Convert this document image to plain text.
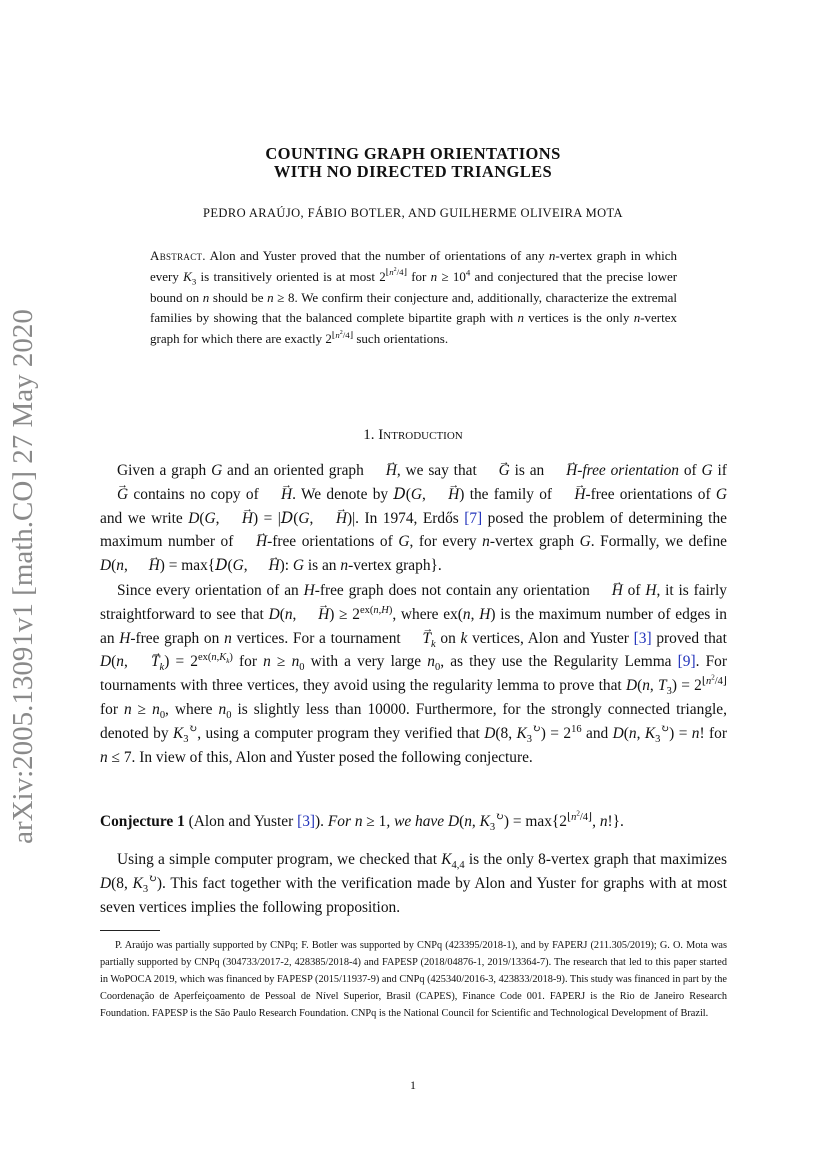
arXiv:2005.13091v1 [math.CO] 27 May 2020
COUNTING GRAPH ORIENTATIONS
WITH NO DIRECTED TRIANGLES
PEDRO ARAÚJO, FÁBIO BOTLER, AND GUILHERME OLIVEIRA MOTA

Abstract. Alon and Yuster proved that the number of orientations of any n-vertex graph in which every $K_3$ is transitively oriented is at most $2^{⌊n^2/4⌋}$ for $n \ge 10^4$ and conjectured that the precise lower bound on n should be n ≥ 8. We confirm their conjecture and, additionally, characterize the extremal families by showing that the balanced complete bipartite graph with n vertices is the only n-vertex graph for which there are exactly $2^{⌊n^2/4⌋}$ such orientations.

1. Introduction

Given a graph G and an oriented graph → H, we say that → G is an → H-free orientation of G if → G contains no copy of → H. We denote by D(G, → H) the family of → H-free orientations of G and we write D(G, → H) = |D(G, → H)|. In 1974, Erdős [7] posed the problem of determining the maximum number of → H-free orientations of G, for every n-vertex graph G. Formally, we define D(n, → H) = max{D(G, → H): G is an n-vertex graph}.

Since every orientation of an H-free graph does not contain any orientation → H of H, it is fairly straightforward to see that D(n, → $H) \ge 2^{ex(n,H)}$, where ex(n, H) is the maximum number of edges in an H-free graph on n vertices. For a tournament → $T_k$ on k vertices, Alon and Yuster [3] proved that D(n, → $T_k) = 2^{ex(n,K_k)}$ for $n \ge n_0$ with a very large $n_0$, as they use the Regularity Lemma [9]. For tournaments with three vertices, they avoid using the regularity lemma to prove that D(n, $T_3) = 2^{⌊n^2/4⌋}$ for $n \ge n_0$, where $n_0$ is slightly less than 10000. Furthermore, for the strongly connected triangle, denoted by $K_3^↻$, using a computer program they verified that D(8, $K_3^↻) = 2^{16}$ and D(n, $K_3^↻) = n$! for n ≤ 7. In view of this, Alon and Yuster posed the following conjecture.

Conjecture 1 (Alon and Yuster [3]). For n ≥ 1, we have D(n, $K_3^↻) = \max\{2^{⌊n^2/4⌋}$, n!}.

Using a simple computer program, we checked that $K_{4,4}$ is the only 8-vertex graph that maximizes D(8, $K_3^↻$). This fact together with the verification made by Alon and Yuster for graphs with at most seven vertices implies the following proposition.

P. Araújo was partially supported by CNPq; F. Botler was supported by CNPq (423395/2018-1), and by FAPERJ (211.305/2019); G. O. Mota was partially supported by CNPq (304733/2017-2, 428385/2018-4) and FAPESP (2018/04876-1, 2019/13364-7). The research that led to this paper started in WoPOCA 2019, which was financed by FAPESP (2015/11937-9) and CNPq (425340/2016-3, 423833/2018-9). This study was financed in part by the Coordenação de Aperfeiçoamento de Pessoal de Nível Superior, Brasil (CAPES), Finance Code 001. FAPERJ is the Rio de Janeiro Research Foundation. FAPESP is the São Paulo Research Foundation. CNPq is the National Council for Scientific and Technological Development of Brazil.

1
